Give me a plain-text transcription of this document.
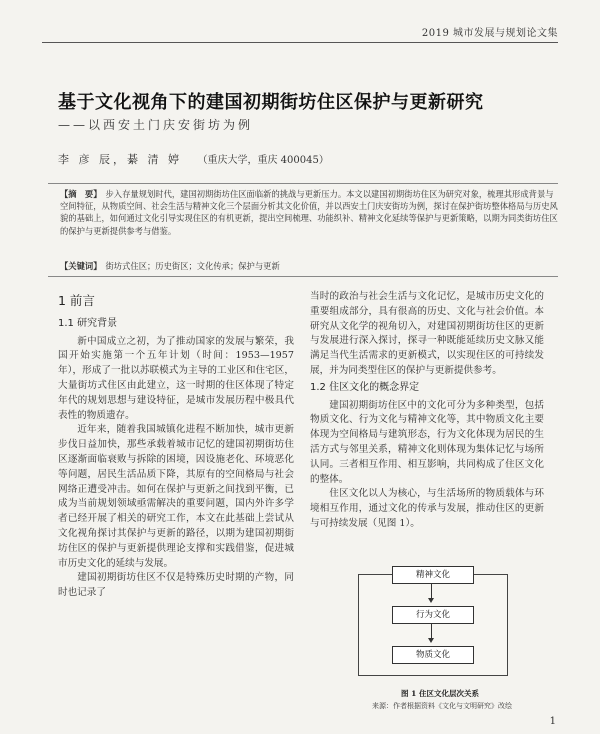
2019 城市发展与规划论文集
基于文化视角下的建国初期街坊住区保护与更新研究
——以西安土门庆安街坊为例
李 彦 辰，綦 清 婷 （重庆大学，重庆 400045）
【摘　要】 步入存量规划时代，建国初期街坊住区面临新的挑战与更新压力。本文以建国初期街坊住区为研究对象，梳理其形成背景与空间特征，从物质空间、社会生活与精神文化三个层面分析其文化价值，并以西安土门庆安街坊为例，探讨在保护街坊整体格局与历史风貌的基础上，如何通过文化引导实现住区的有机更新，提出空间梳理、功能织补、精神文化延续等保护与更新策略，以期为同类街坊住区的保护与更新提供参考与借鉴。
【关键词】 街坊式住区；历史街区；文化传承；保护与更新
1 前言
1.1 研究背景

新中国成立之初，为了推动国家的发展与繁荣，我国开始实施第一个五年计划（时间：1953—1957 年），形成了一批以苏联模式为主导的工业区和住宅区，大量街坊式住区由此建立，这一时期的住区体现了特定年代的规划思想与建设特征，是城市发展历程中极具代表性的物质遗存。

近年来，随着我国城镇化进程不断加快，城市更新步伐日益加快，那些承载着城市记忆的建国初期街坊住区逐渐面临衰败与拆除的困境，因设施老化、环境恶化等问题，居民生活品质下降，其原有的空间格局与社会网络正遭受冲击。如何在保护与更新之间找到平衡，已成为当前规划领域亟需解决的重要问题，国内外许多学者已经开展了相关的研究工作，本文在此基础上尝试从文化视角探讨其保护与更新的路径，以期为建国初期街坊住区的保护与更新提供理论支撑和实践借鉴，促进城市历史文化的延续与发展。

建国初期街坊住区不仅是特殊历史时期的产物，同时也记录了

当时的政治与社会生活与文化记忆，是城市历史文化的重要组成部分，具有很高的历史、文化与社会价值。本研究从文化学的视角切入，对建国初期街坊住区的更新与发展进行深入探讨，探寻一种既能延续历史文脉又能满足当代生活需求的更新模式，以实现住区的可持续发展，并为同类型住区的保护与更新提供参考。

1.2 住区文化的概念界定

建国初期街坊住区中的文化可分为多种类型，包括物质文化、行为文化与精神文化等，其中物质文化主要体现为空间格局与建筑形态，行为文化体现为居民的生活方式与邻里关系，精神文化则体现为集体记忆与场所认同。三者相互作用、相互影响，共同构成了住区文化的整体。

住区文化以人为核心，与生活场所的物质载体与环境相互作用，通过文化的传承与发展，推动住区的更新与可持续发展（见图 1）。

精神文化
行为文化
物质文化
图 1 住区文化层次关系
来源：作者根据资料《文化与文明研究》改绘
1
